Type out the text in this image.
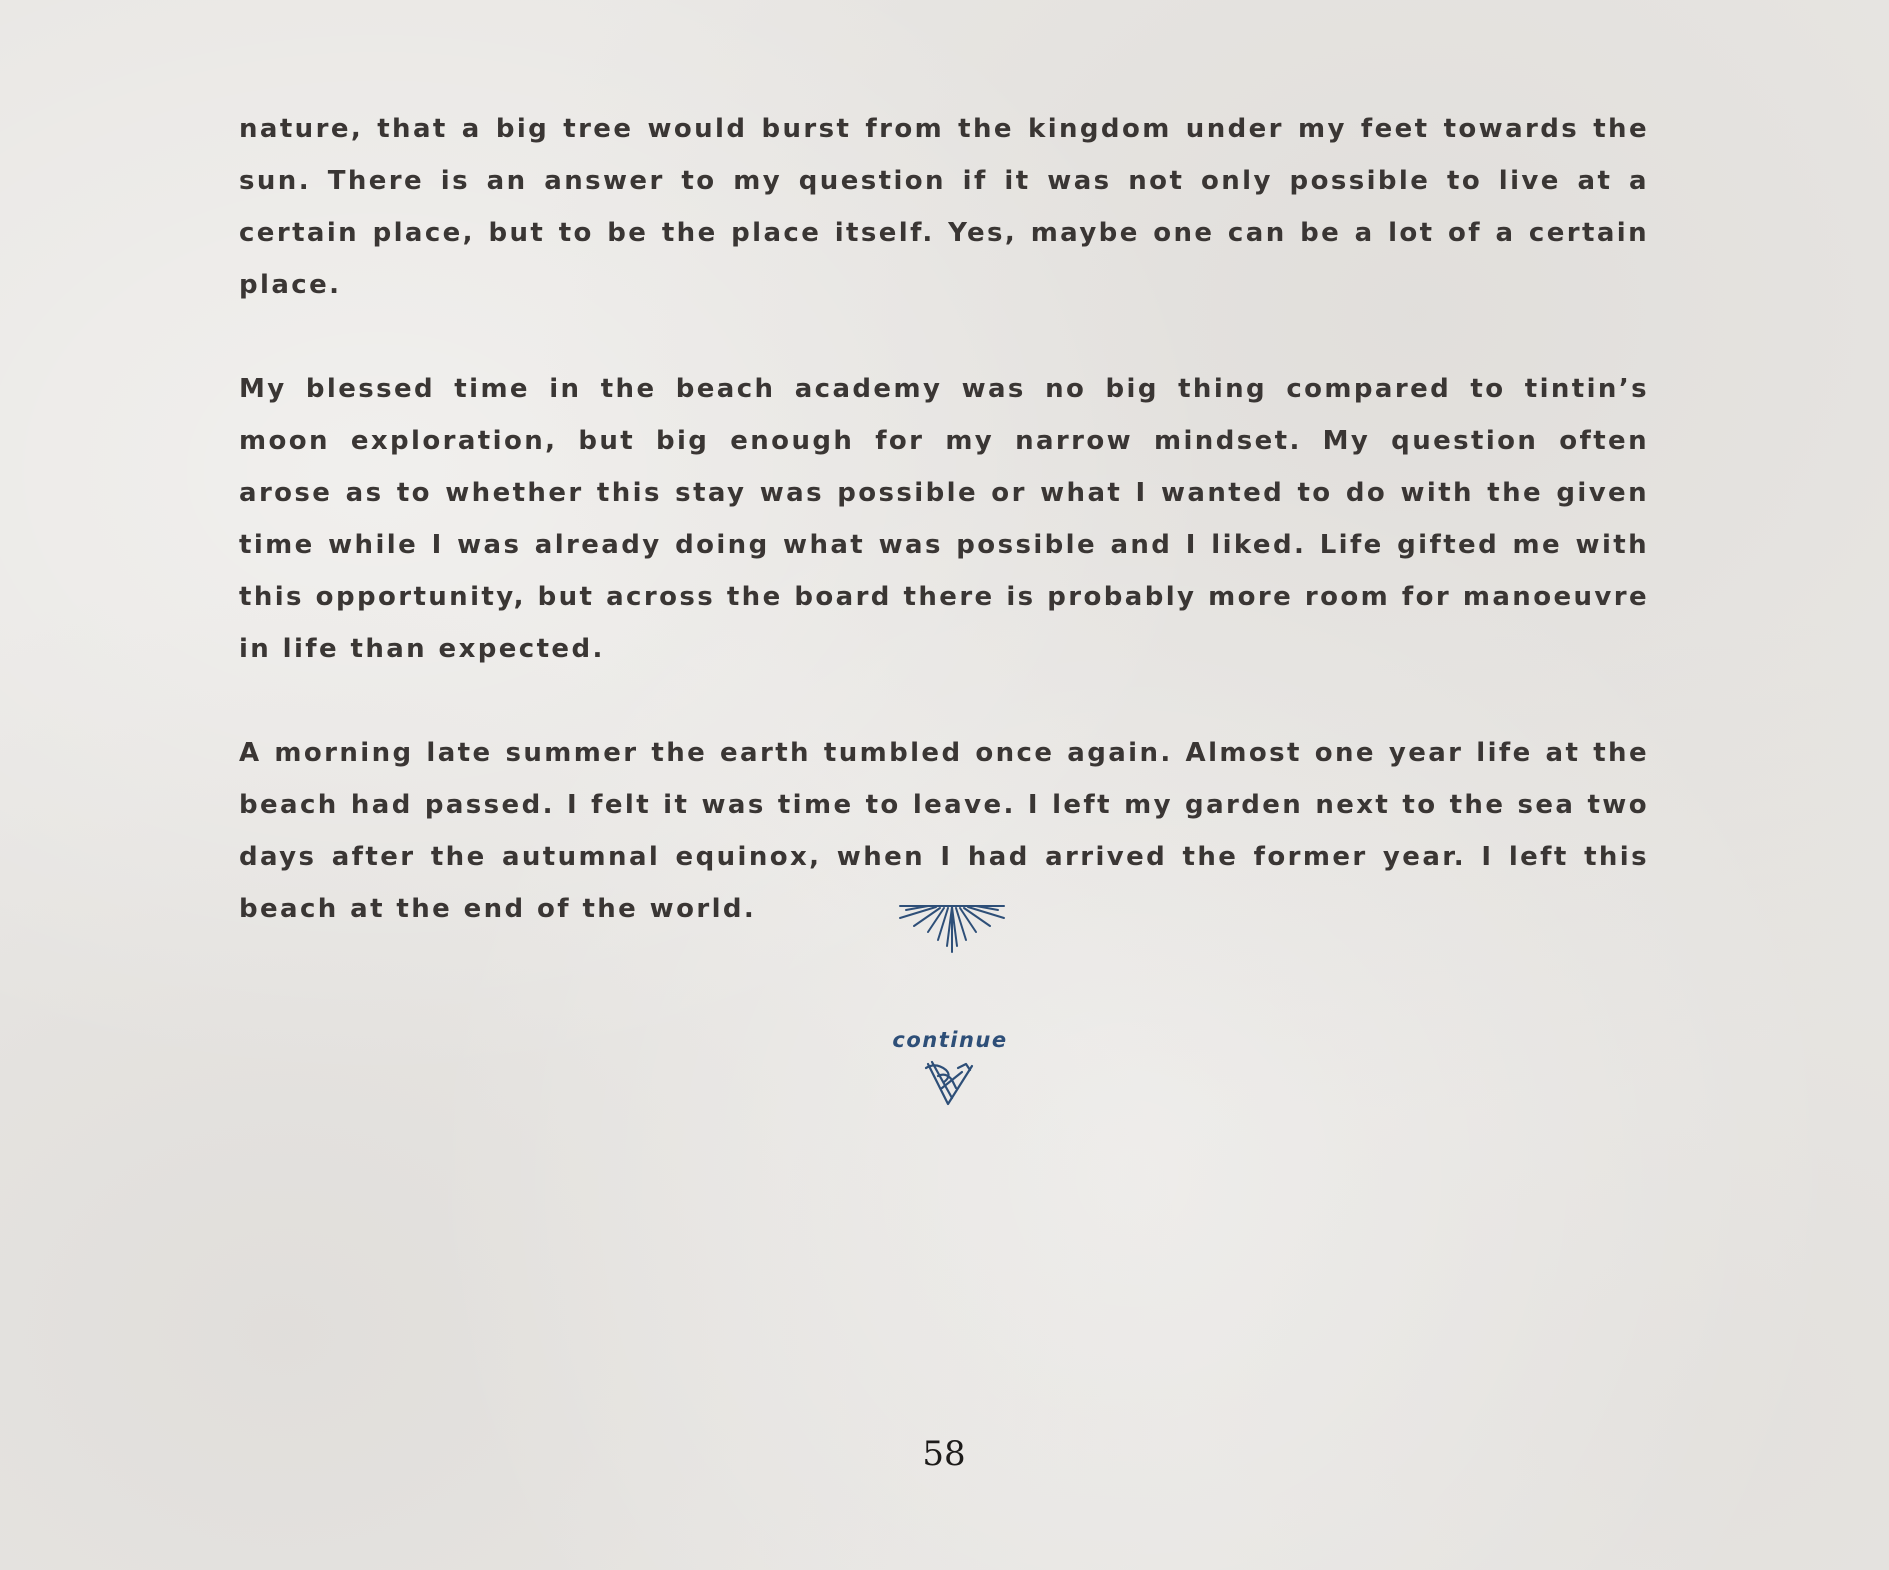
nature, that a big tree would burst from the kingdom under my feet towards the sun. There is an answer to my question if it was not only possible to live at a certain place, but to be the place itself. Yes, maybe one can be a lot of a certain place.

My blessed time in the beach academy was no big thing compared to tintin’s moon exploration, but big enough for my narrow mindset. My question often arose as to whether this stay was possible or what I wanted to do with the given time while I was already doing what was possible and I liked. Life gifted me with this opportunity, but across the board there is probably more room for manoeuvre in life than expected.

A morning late summer the earth tumbled once again. Almost one year life at the beach had passed. I felt it was time to leave. I left my garden next to the sea two days after the autumnal equinox, when I had arrived the former year. I left this beach at the end of the world.

continue
58
